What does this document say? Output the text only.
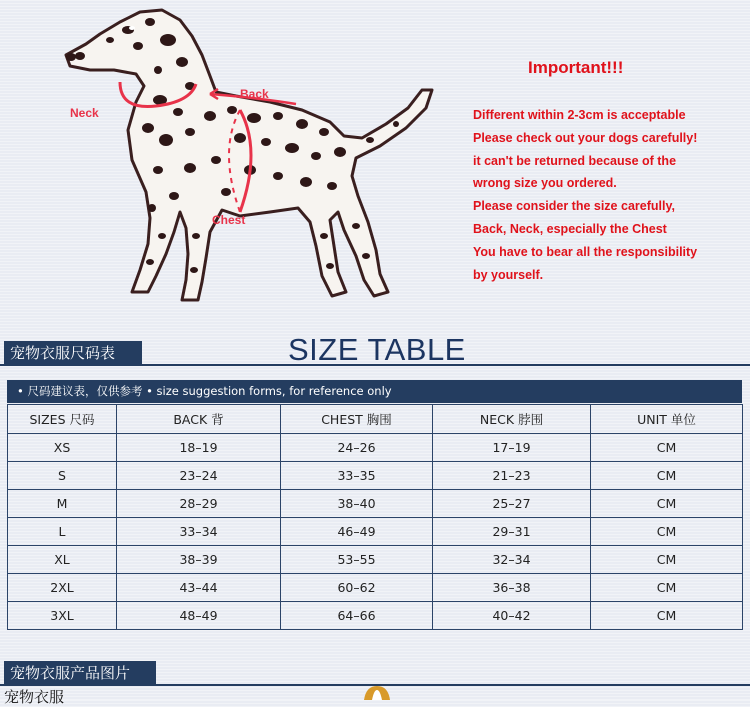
Neck
Back
Chest
Important!!!
Different within 2-3cm is acceptable
Please check out your dogs carefully!
it can't be returned because of the
wrong size you ordered.
Please consider the size carefully,
Back, Neck, especially the Chest
You have to bear all the responsibility
by yourself.
宠物衣服尺码表	SIZE TABLE
• 尺码建议表，仅供参考 • size suggestion forms, for reference only
SIZES 尺码	BACK 背	CHEST 胸围	NECK 脖围	UNIT 单位
XS	18–19	24–26	17–19	CM
S	23–24	33–35	21–23	CM
M	28–29	38–40	25–27	CM
L	33–34	46–49	29–31	CM
XL	38–39	53–55	32–34	CM
2XL	43–44	60–62	36–38	CM
3XL	48–49	64–66	40–42	CM
宠物衣服产品图片
宠物衣服
